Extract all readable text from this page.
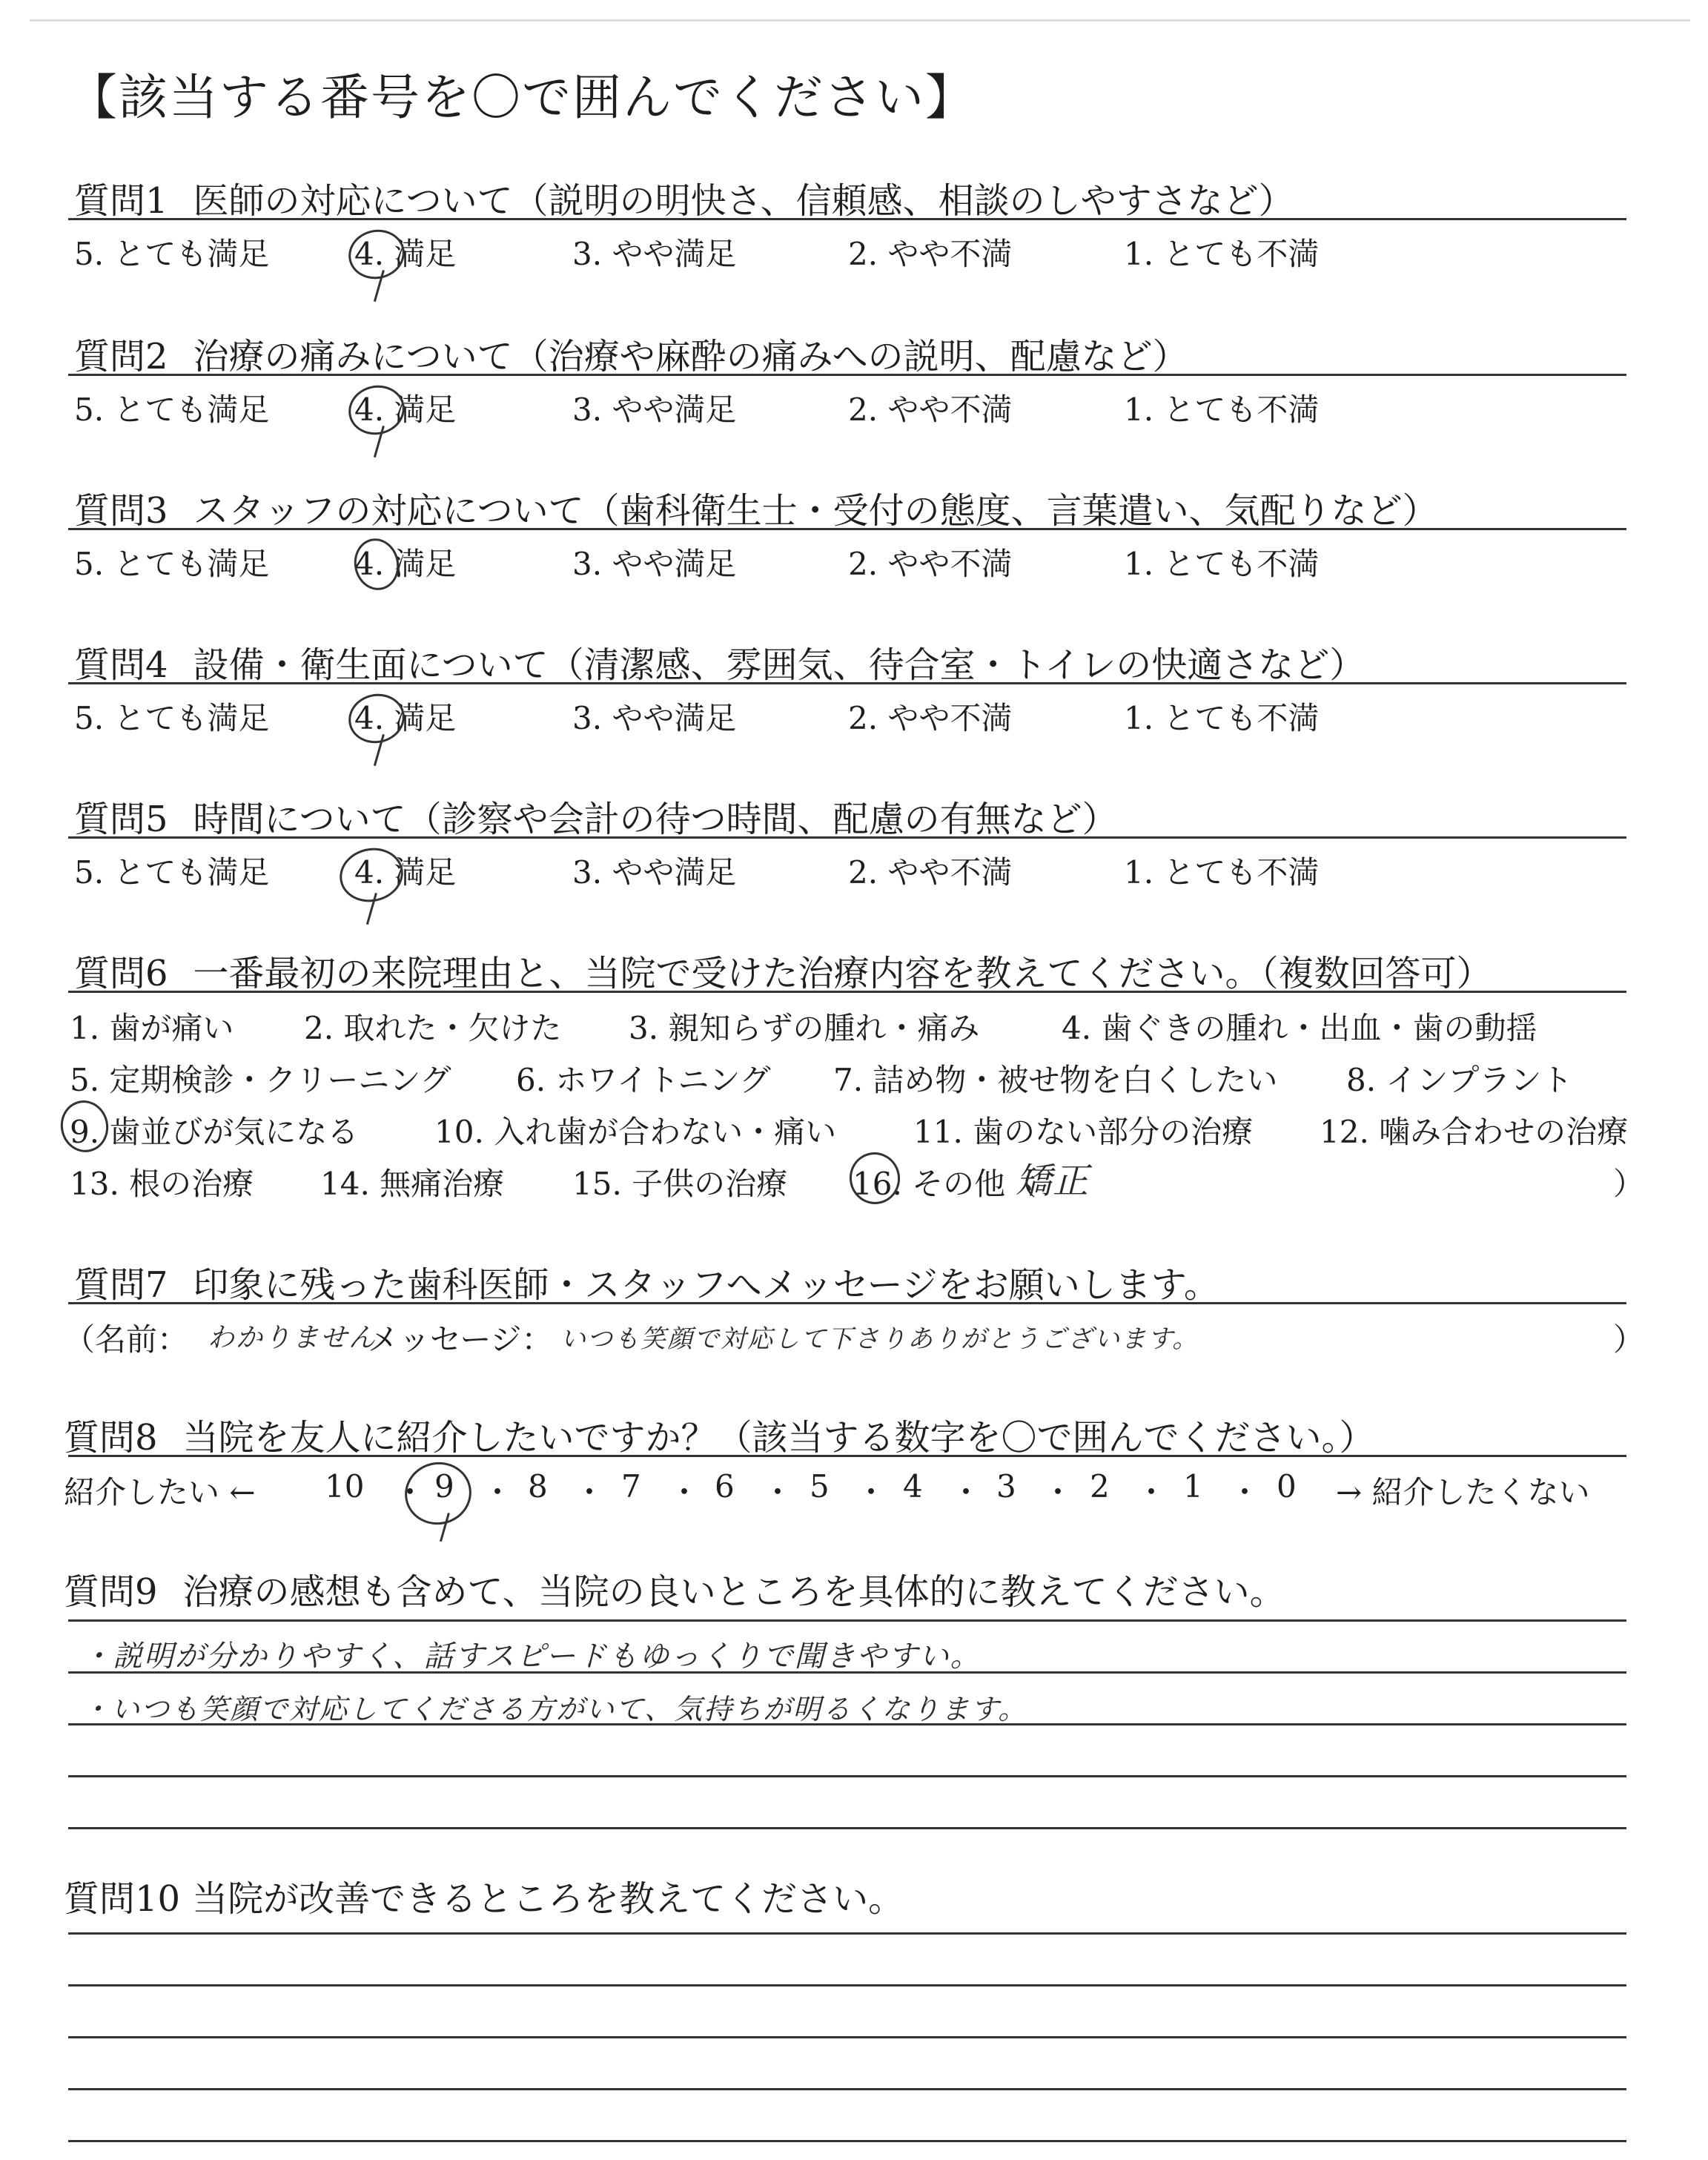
【該当する番号を〇で囲んでください】
質問1 医師の対応について（説明の明快さ、信頼感、相談のしやすさなど）
5. とても満足	4. 満足	3. やや満足	2. やや不満	1. とても不満
質問2 治療の痛みについて（治療や麻酔の痛みへの説明、配慮など）
5. とても満足	4. 満足	3. やや満足	2. やや不満	1. とても不満
質問3 スタッフの対応について（歯科衛生士・受付の態度、言葉遣い、気配りなど）
5. とても満足	4. 満足	3. やや満足	2. やや不満	1. とても不満
質問4 設備・衛生面について（清潔感、雰囲気、待合室・トイレの快適さなど）
5. とても満足	4. 満足	3. やや満足	2. やや不満	1. とても不満
質問5 時間について（診察や会計の待つ時間、配慮の有無など）
5. とても満足	4. 満足	3. やや満足	2. やや不満	1. とても不満
質問6 一番最初の来院理由と、当院で受けた治療内容を教えてください。（複数回答可）
1. 歯が痛い 2. 取れた・欠けた 3. 親知らずの腫れ・痛み	4. 歯ぐきの腫れ・出血・歯の動揺
5. 定期検診・クリーニング 6. ホワイトニング 7. 詰め物・被せ物を白くしたい 8. インプラント
9. 歯並びが気になる 10. 入れ歯が合わない・痛い 11. 歯のない部分の治療 12. 噛み合わせの治療
13. 根の治療 14. 無痛治療 15. 子供の治療 16. その他（
矯正	）
質問7 印象に残った歯科医師・スタッフへメッセージをお願いします。
（名前： わかりません
メッセージ： いつも笑顔で対応して下さりありがとうございます。	）
質問8 当院を友人に紹介したいですか？（該当する数字を〇で囲んでください。）
紹介したい ← 10 ・ 9 ・ 8 ・ 7 ・ 6 ・ 5 ・ 4 ・ 3 ・ 2 ・ 1 ・ 0 → 紹介したくない
質問9 治療の感想も含めて、当院の良いところを具体的に教えてください。
・説明が分かりやすく、話すスピードもゆっくりで聞きやすい。
・いつも笑顔で対応してくださる方がいて、気持ちが明るくなります。
質問10 当院が改善できるところを教えてください。
